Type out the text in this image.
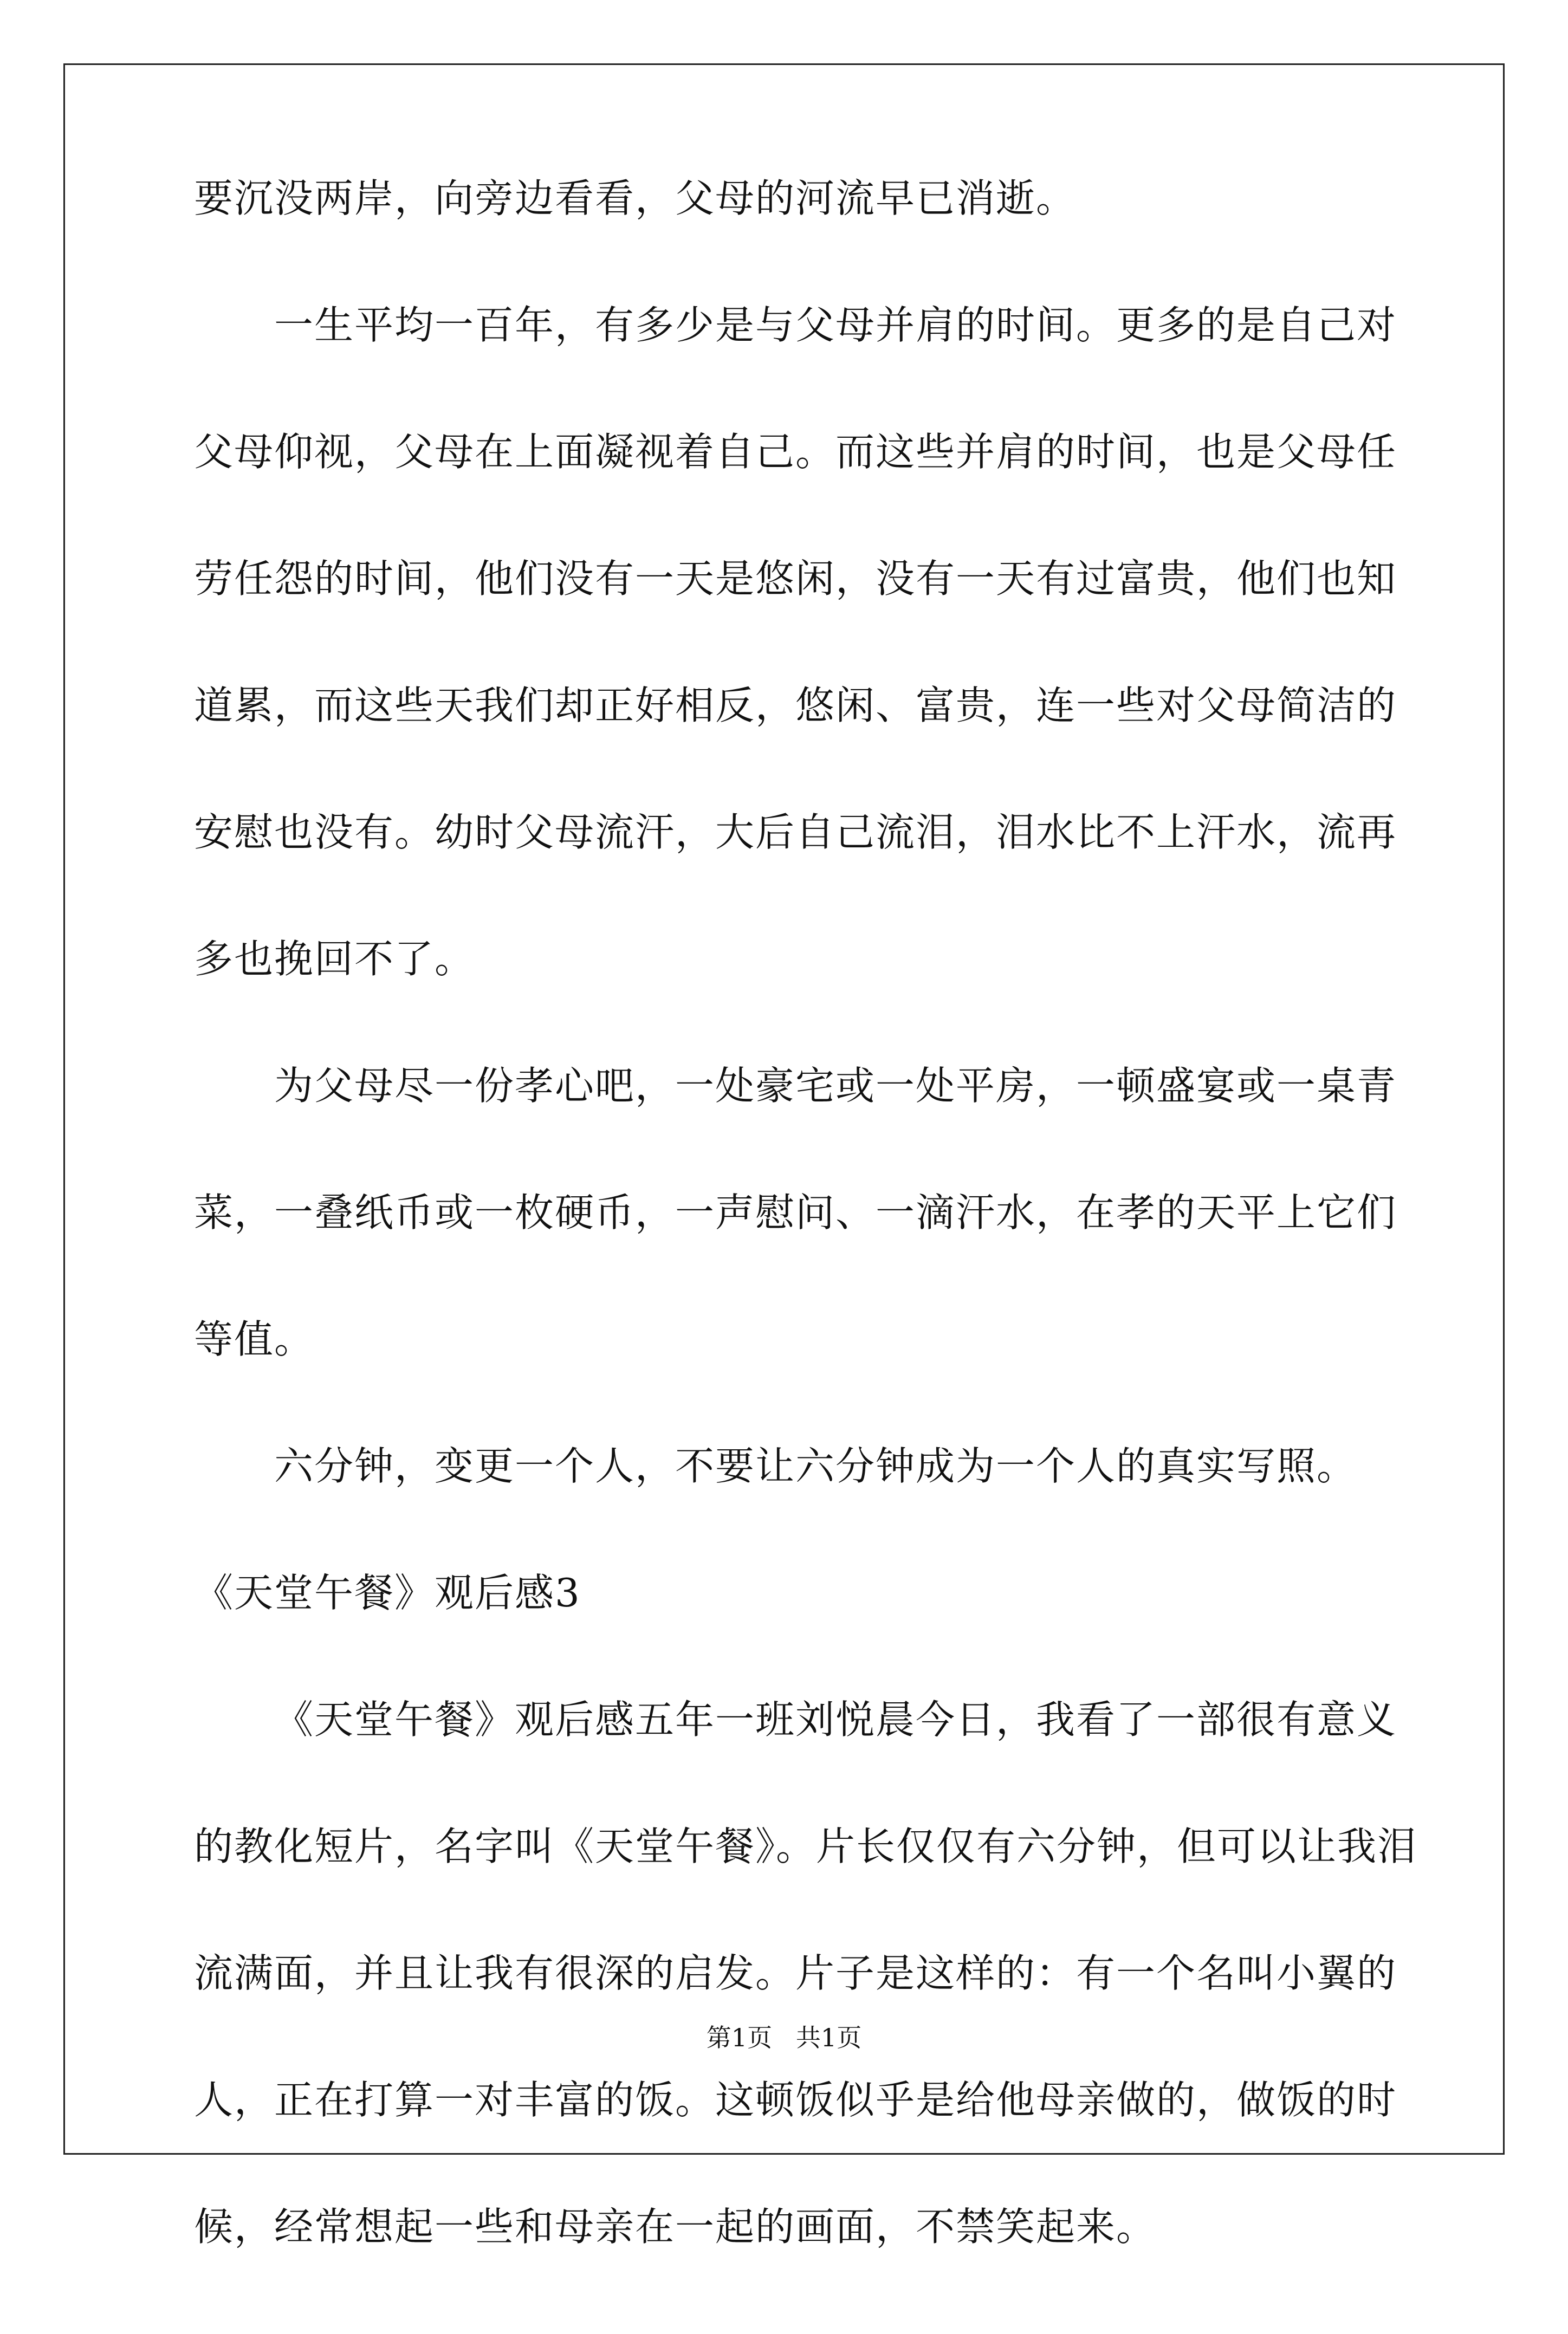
要沉没两岸，向旁边看看，父母的河流早已消逝。
一生平均一百年，有多少是与父母并肩的时间。更多的是自己对
父母仰视，父母在上面凝视着自己。而这些并肩的时间，也是父母任
劳任怨的时间，他们没有一天是悠闲，没有一天有过富贵，他们也知
道累，而这些天我们却正好相反，悠闲、富贵，连一些对父母简洁的
安慰也没有。幼时父母流汗，大后自己流泪，泪水比不上汗水，流再
多也挽回不了。
为父母尽一份孝心吧，一处豪宅或一处平房，一顿盛宴或一桌青
菜，一叠纸币或一枚硬币，一声慰问、一滴汗水，在孝的天平上它们
等值。
六分钟，变更一个人，不要让六分钟成为一个人的真实写照。
《天堂午餐》观后感3
《天堂午餐》观后感五年一班刘悦晨今日，我看了一部很有意义
的教化短片，名字叫《天堂午餐》。片长仅仅有六分钟，但可以让我泪
流满面，并且让我有很深的启发。片子是这样的：有一个名叫小翼的
人，正在打算一对丰富的饭。这顿饭似乎是给他母亲做的，做饭的时
候，经常想起一些和母亲在一起的画面，不禁笑起来。
第1页   共1页
